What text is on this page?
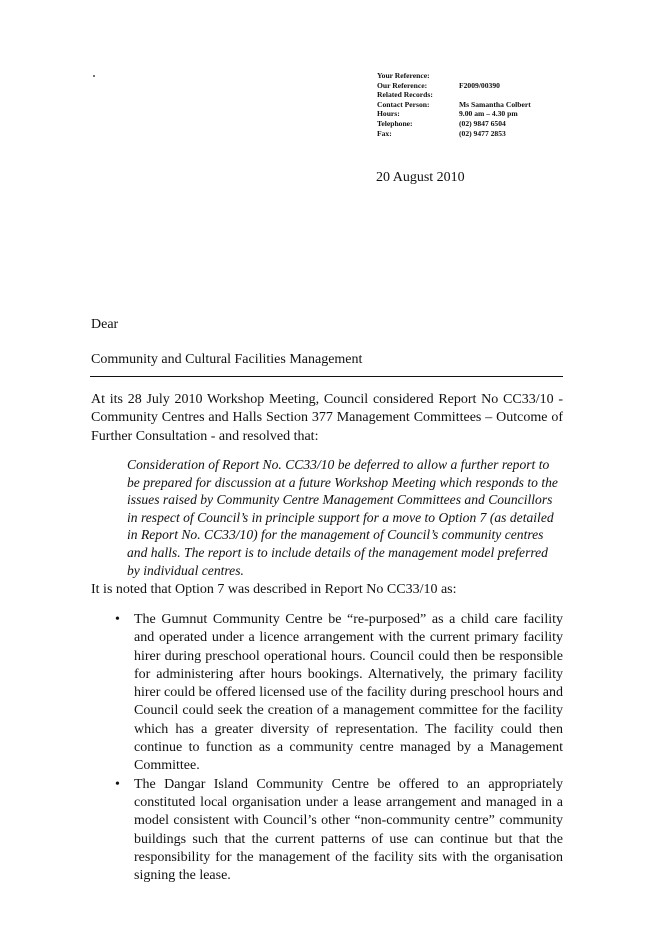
Your Reference:
Our Reference:	F2009/00390
Related Records:
Contact Person:	Ms Samantha Colbert
Hours:	9.00 am – 4.30 pm
Telephone:	(02) 9847 6504
Fax:	(02) 9477 2853
20 August 2010
Dear
Community and Cultural Facilities Management
At its 28 July 2010 Workshop Meeting, Council considered Report No CC33/10 - Community Centres and Halls Section 377 Management Committees – Outcome of Further Consultation - and resolved that:
Consideration of Report No. CC33/10 be deferred to allow a further report to
be prepared for discussion at a future Workshop Meeting which responds to the
issues raised by Community Centre Management Committees and Councillors
in respect of Council’s in principle support for a move to Option 7 (as detailed
in Report No. CC33/10) for the management of Council’s community centres
and halls. The report is to include details of the management model preferred
by individual centres.
It is noted that Option 7 was described in Report No CC33/10 as:
• The Gumnut Community Centre be “re-purposed” as a child care facility and operated under a licence arrangement with the current primary facility hirer during preschool operational hours. Council could then be responsible for administering after hours bookings. Alternatively, the primary facility hirer could be offered licensed use of the facility during preschool hours and Council could seek the creation of a management committee for the facility which has a greater diversity of representation. The facility could then continue to function as a community centre managed by a Management Committee.
• The Dangar Island Community Centre be offered to an appropriately constituted local organisation under a lease arrangement and managed in a model consistent with Council’s other “non-community centre” community buildings such that the current patterns of use can continue but that the responsibility for the management of the facility sits with the organisation signing the lease.
